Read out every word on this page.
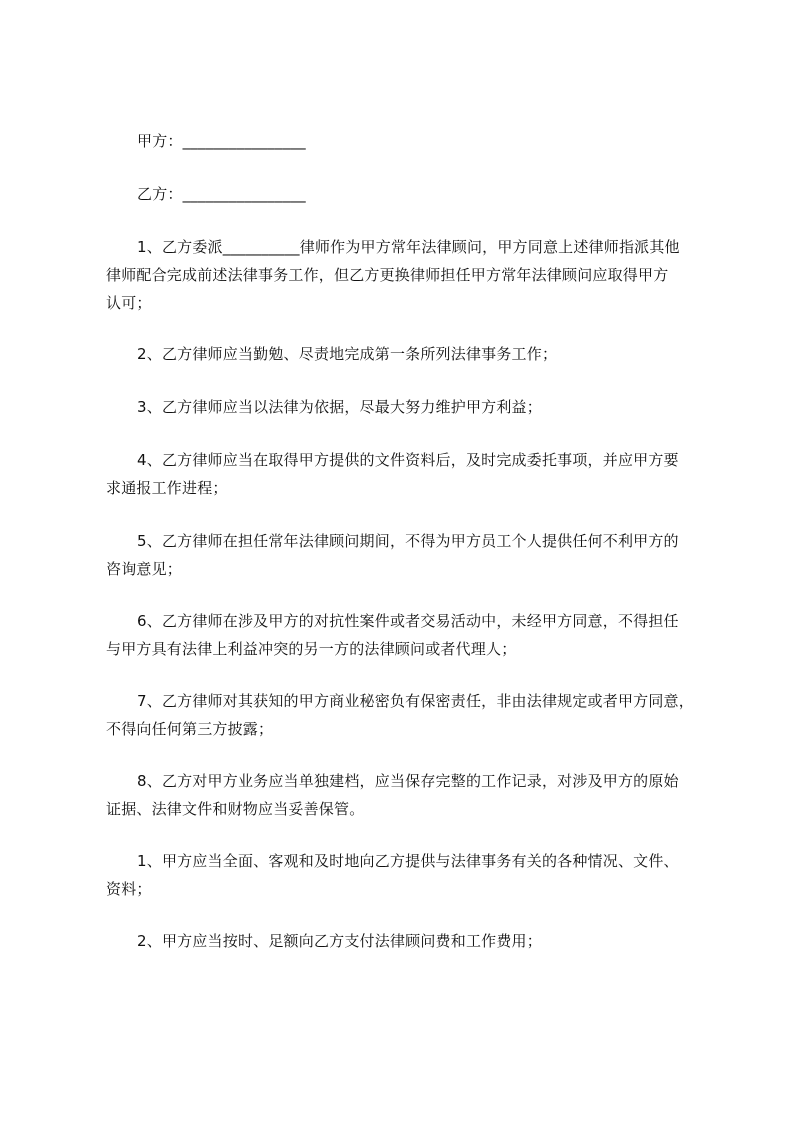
甲方：________________
乙方：________________
1、乙方委派__________律师作为甲方常年法律顾问，甲方同意上述律师指派其他
律师配合完成前述法律事务工作，但乙方更换律师担任甲方常年法律顾问应取得甲方
认可；
2、乙方律师应当勤勉、尽责地完成第一条所列法律事务工作；
3、乙方律师应当以法律为依据，尽最大努力维护甲方利益；
4、乙方律师应当在取得甲方提供的文件资料后，及时完成委托事项，并应甲方要
求通报工作进程；
5、乙方律师在担任常年法律顾问期间，不得为甲方员工个人提供任何不利甲方的
咨询意见；
6、乙方律师在涉及甲方的对抗性案件或者交易活动中，未经甲方同意，不得担任
与甲方具有法律上利益冲突的另一方的法律顾问或者代理人；
7、乙方律师对其获知的甲方商业秘密负有保密责任，非由法律规定或者甲方同意，
不得向任何第三方披露；
8、乙方对甲方业务应当单独建档，应当保存完整的工作记录，对涉及甲方的原始
证据、法律文件和财物应当妥善保管。
1、甲方应当全面、客观和及时地向乙方提供与法律事务有关的各种情况、文件、
资料；
2、甲方应当按时、足额向乙方支付法律顾问费和工作费用；
